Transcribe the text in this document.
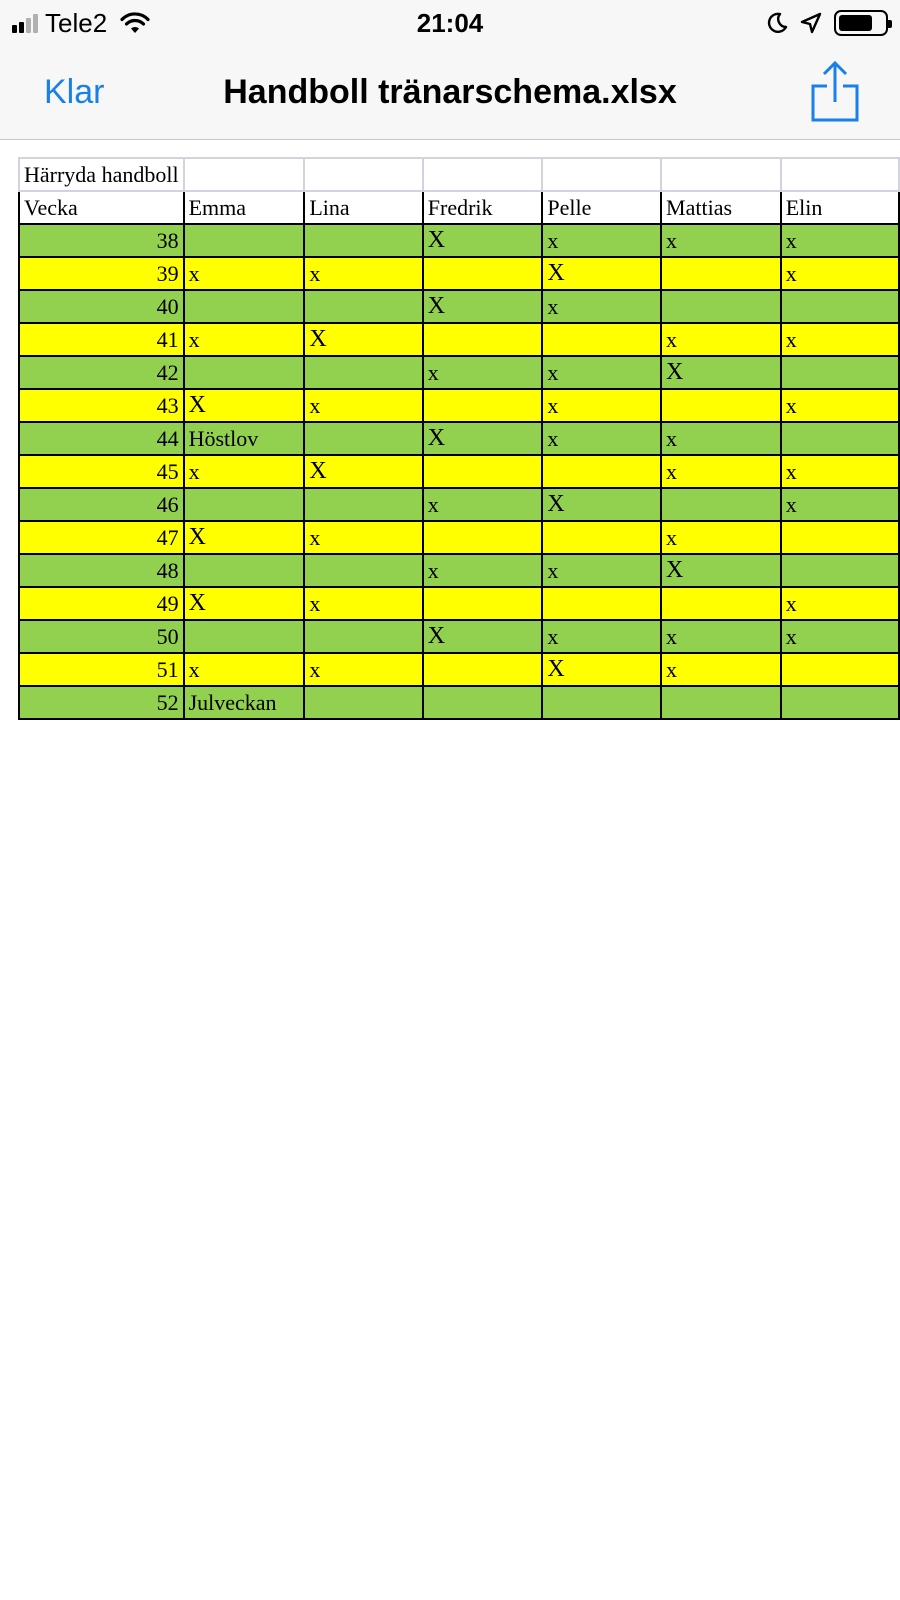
Tele2	21:04
Klar	Handboll tränarschema.xlsx
Härryda handboll						
Vecka	Emma	Lina	Fredrik	Pelle	Mattias	Elin
38			X	x	x	x
39	x	x		X		x
40			X	x		
41	x	X			x	x
42			x	x	X	
43	X	x		x		x
44	Höstlov		X	x	x	
45	x	X			x	x
46			x	X		x
47	X	x			x	
48			x	x	X	
49	X	x				x
50			X	x	x	x
51	x	x		X	x	
52	Julveckan					
